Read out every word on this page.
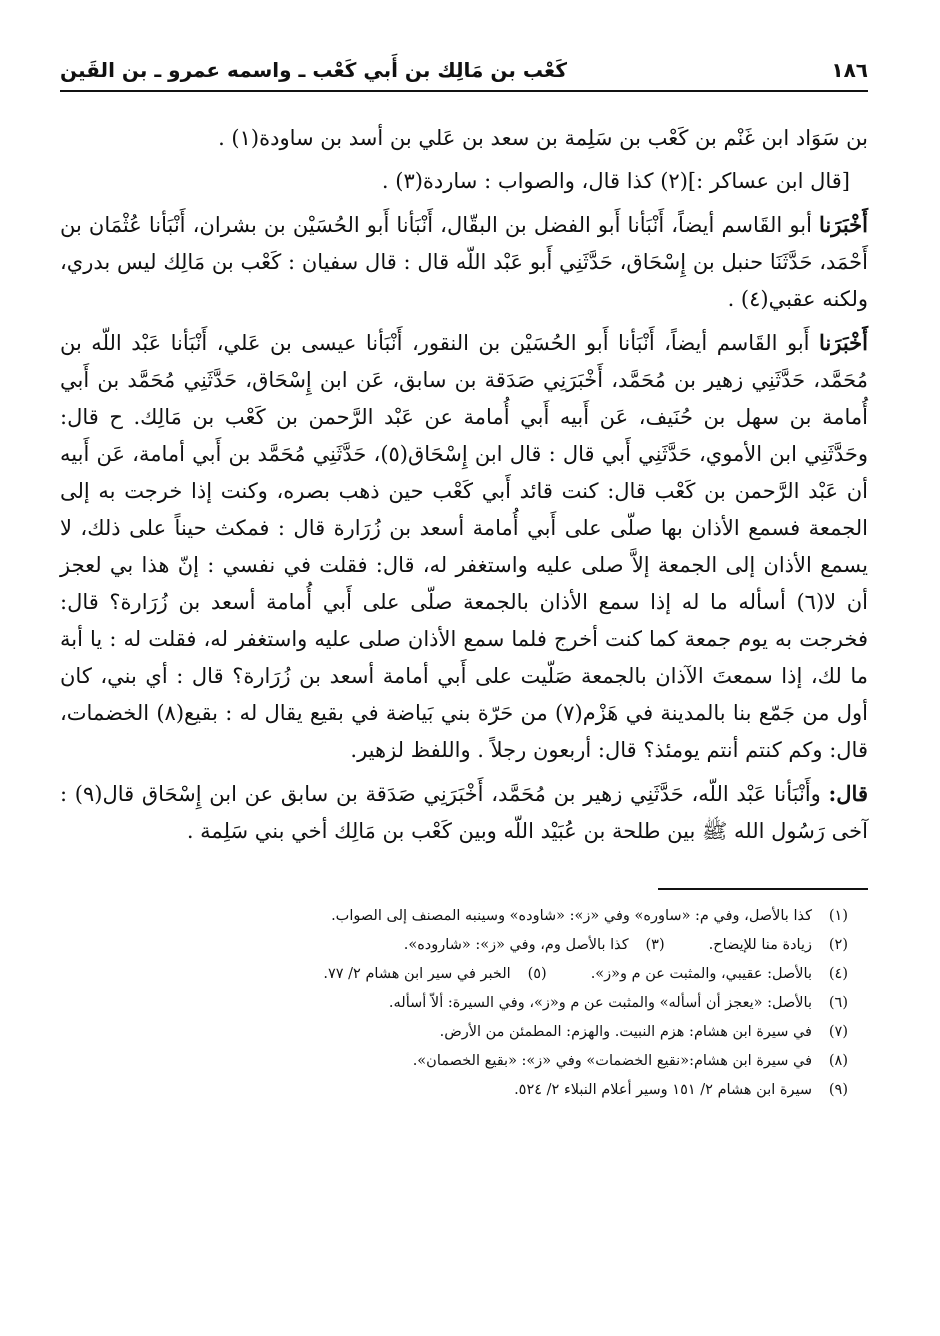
١٨٦
كَعْب بن مَالِك بن أَبي كَعْب ـ واسمه عمرو ـ بن القَين

بن سَوَاد ابن غَنْم بن كَعْب بن سَلِمة بن سعد بن عَلي بن أسد بن ساودة(١) .

[قال ابن عساكر :](٢) كذا قال، والصواب : ساردة(٣) .

أَخْبَرَنا أبو القَاسم أيضاً، أَنْبَأنا أَبو الفضل بن البقّال، أَنْبَأنا أَبو الحُسَيْن بن بشران، أَنْبَأنا عُثْمَان بن أَحْمَد، حَدَّثَنَا حنبل بن إِسْحَاق، حَدَّثَنِي أَبو عَبْد اللّه قال : قال سفيان : كَعْب بن مَالِك ليس بدري، ولكنه عقبي(٤) .

أَخْبَرَنا أَبو القَاسم أيضاً، أَنْبَأنا أَبو الحُسَيْن بن النقور، أَنْبَأنا عيسى بن عَلي، أَنْبَأنا عَبْد اللّه بن مُحَمَّد، حَدَّثَنِي زهير بن مُحَمَّد، أَخْبَرَنِي صَدَقة بن سابق، عَن ابن إِسْحَاق، حَدَّثَنِي مُحَمَّد بن أَبي أُمامة بن سهل بن حُنَيف، عَن أَبيه أَبي أُمامة عن عَبْد الرَّحمن بن كَعْب بن مَالِك. ح قال: وحَدَّثَنِي ابن الأموي، حَدَّثَنِي أَبي قال : قال ابن إِسْحَاق(٥)، حَدَّثَنِي مُحَمَّد بن أَبي أمامة، عَن أَبيه أن عَبْد الرَّحمن بن كَعْب قال: كنت قائد أَبي كَعْب حين ذهب بصره، وكنت إذا خرجت به إلى الجمعة فسمع الأذان بها صلّى على أَبي أُمامة أسعد بن زُرَارة قال : فمكث حيناً على ذلك، لا يسمع الأذان إلى الجمعة إلاَّ صلى عليه واستغفر له، قال: فقلت في نفسي : إنّ هذا بي لعجز أن لا(٦) أسأله ما له إذا سمع الأذان بالجمعة صلّى على أَبي أُمامة أسعد بن زُرَارة؟ قال: فخرجت به يوم جمعة كما كنت أخرج فلما سمع الأذان صلى عليه واستغفر له، فقلت له : يا أبة ما لك، إذا سمعتَ الآذان بالجمعة صَلّيت على أَبي أمامة أسعد بن زُرَارة؟ قال : أي بني، كان أول من جَمّع بنا بالمدينة في هَزْم(٧) من حَرّة بني بَياضة في بقيع يقال له : بقيع(٨) الخضمات، قال: وكم كنتم أنتم يومئذ؟ قال: أربعون رجلاً . واللفظ لزهير.

قال: وأَنْبَأنا عَبْد اللّه، حَدَّثَنِي زهير بن مُحَمَّد، أَخْبَرَنِي صَدَقة بن سابق عن ابن إِسْحَاق قال(٩) : آخى رَسُول الله ﷺ بين طلحة بن عُبَيْد اللّه وبين كَعْب بن مَالِك أخي بني سَلِمة .

(١)
كذا بالأصل، وفي م: «ساوره» وفي «ز»: «شاوده» وسينبه المصنف إلى الصواب.
(٢)
زيادة منا للإيضاح.
(٣)
كذا بالأصل وم، وفي «ز»: «شاروده».
(٤)
بالأصل: عقيبي، والمثبت عن م و«ز».
(٥)
الخبر في سير ابن هشام ٢/ ٧٧.
(٦)
بالأصل: «يعجز أن أسأله» والمثبت عن م و«ز»، وفي السيرة: ألاّ أسأله.
(٧)
في سيرة ابن هشام: هزم النبيت. والهزم: المطمئن من الأرض.
(٨)
في سيرة ابن هشام:«نقيع الخضمات» وفي «ز»: «بقيع الخصمان».
(٩)
سيرة ابن هشام ٢/ ١٥١ وسير أعلام النبلاء ٢/ ٥٢٤.
